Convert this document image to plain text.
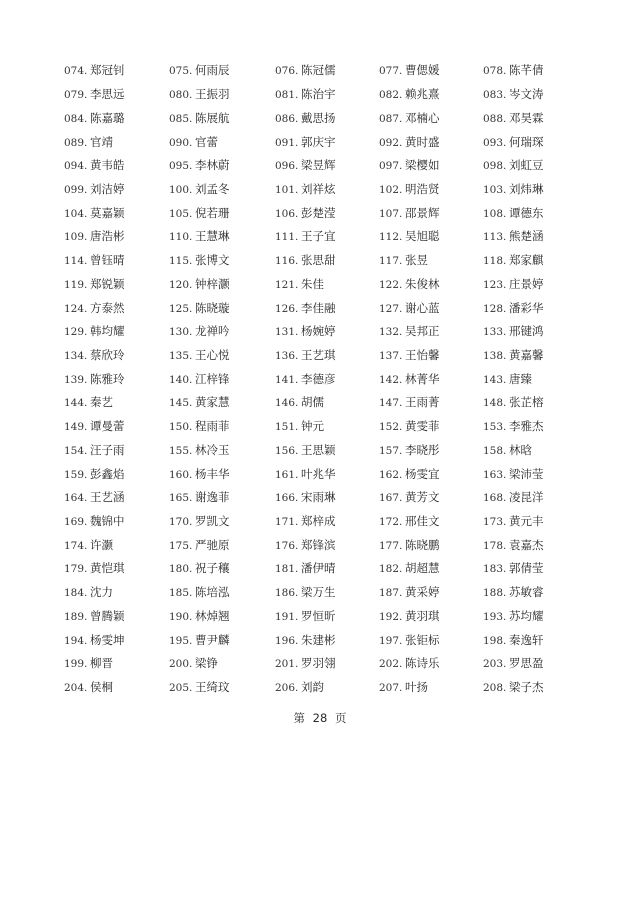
074. 郑冠钊	075. 何雨辰	076. 陈冠儒	077. 曹偲媛	078. 陈芊倩
079. 李思远	080. 王振羽	081. 陈治宇	082. 赖兆熹	083. 岑文涛
084. 陈嘉璐	085. 陈展航	086. 戴思扬	087. 邓楠心	088. 邓昊霖
089. 官靖	090. 官蕾	091. 郭庆宇	092. 黄时盛	093. 何瑞琛
094. 黄韦皓	095. 李林蔚	096. 梁昱辉	097. 梁樱如	098. 刘虹豆
099. 刘洁婷	100. 刘孟冬	101. 刘祥炫	102. 明浩贤	103. 刘炜琳
104. 莫嘉颖	105. 倪若珊	106. 彭楚滢	107. 邵景辉	108. 谭德东
109. 唐浩彬	110. 王慧琳	111. 王子宜	112. 吴旭聪	113. 熊楚涵
114. 曾钰晴	115. 张博文	116. 张思甜	117. 张昱	118. 郑家麒
119. 郑锐颖	120. 钟梓灏	121. 朱佳	122. 朱俊林	123. 庄景婷
124. 方泰然	125. 陈晓璇	126. 李佳融	127. 谢心蓝	128. 潘彩华
129. 韩均耀	130. 龙禅吟	131. 杨婉婷	132. 吴邦正	133. 邢键鸿
134. 蔡欣玲	135. 王心悦	136. 王艺琪	137. 王怡馨	138. 黄嘉馨
139. 陈雅玲	140. 江梓锋	141. 李德彦	142. 林菁华	143. 唐臻
144. 秦艺	145. 黄家慧	146. 胡儒	147. 王雨菁	148. 张芷榕
149. 谭曼蕾	150. 程雨菲	151. 钟元	152. 黄雯菲	153. 李雅杰
154. 汪子雨	155. 林冷玉	156. 王思颖	157. 李晓彤	158. 林晗
159. 彭鑫焰	160. 杨丰华	161. 叶兆华	162. 杨雯宜	163. 梁沛莹
164. 王艺涵	165. 谢逸菲	166. 宋雨琳	167. 黄芳文	168. 凌昆洋
169. 魏锦中	170. 罗凯文	171. 郑梓成	172. 邢佳文	173. 黄元丰
174. 许灏	175. 严驰原	176. 郑锋滨	177. 陈晓鹏	178. 袁嘉杰
179. 黄恺琪	180. 祝子穰	181. 潘伊晴	182. 胡超慧	183. 郭倩莹
184. 沈力	185. 陈培泓	186. 梁万生	187. 黄采婷	188. 苏敏睿
189. 曾腾颖	190. 林焯翘	191. 罗恒昕	192. 黄羽琪	193. 苏均耀
194. 杨雯坤	195. 曹尹麟	196. 朱建彬	197. 张钜标	198. 秦逸轩
199. 柳晋	200. 梁铮	201. 罗羽翎	202. 陈诗乐	203. 罗思盈
204. 侯桐	205. 王绮玟	206. 刘韵	207. 叶扬	208. 梁子杰
第 28 页
